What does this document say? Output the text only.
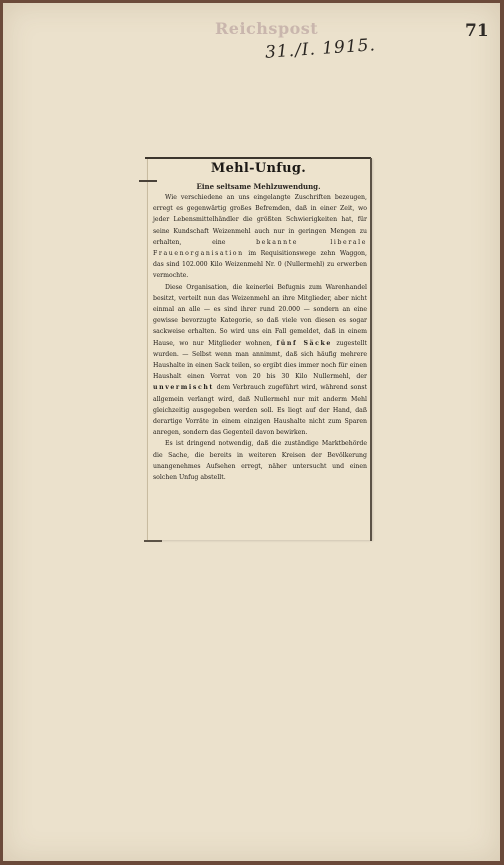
Reichspost	71
31./I. 1915.
Mehl-Unfug.
Eine seltsame Mehlzuwendung.

Wie verschiedene an uns eingelangte Zuschriften bezeugen, erregt es gegenwärtig großes Befremden, daß in einer Zeit, wo jeder Lebensmittelhändler die größten Schwierigkeiten hat, für seine Kundschaft Weizenmehl auch nur in geringen Mengen zu erhalten, eine bekannte liberale Frauenorganisation im Requisitionswege zehn Waggon, das sind 102.000 Kilo Weizenmehl Nr. 0 (Nullermehl) zu erwerben vermochte.

Diese Organisation, die keinerlei Befugnis zum Warenhandel besitzt, verteilt nun das Weizenmehl an ihre Mitglieder, aber nicht einmal an alle — es sind ihrer rund 20.000 — sondern an eine gewisse bevorzugte Kategorie, so daß viele von diesen es sogar sackweise erhalten. So wird uns ein Fall gemeldet, daß in einem Hause, wo nur Mitglieder wohnen, fünf Säcke zugestellt wurden. — Selbst wenn man annimmt, daß sich häufig mehrere Haushalte in einen Sack teilen, so ergibt dies immer noch für einen Haushalt einen Vorrat von 20 bis 30 Kilo Nullermehl, der unvermischt dem Verbrauch zugeführt wird, während sonst allgemein verlangt wird, daß Nullermehl nur mit anderm Mehl gleichzeitig ausgegeben werden soll. Es liegt auf der Hand, daß derartige Vorräte in einem einzigen Haushalte nicht zum Sparen anregen, sondern das Gegenteil davon bewirken.

Es ist dringend notwendig, daß die zuständige Marktbehörde die Sache, die bereits in weiteren Kreisen der Bevölkerung unangenehmes Aufsehen erregt, näher untersucht und einen solchen Unfug abstellt.
